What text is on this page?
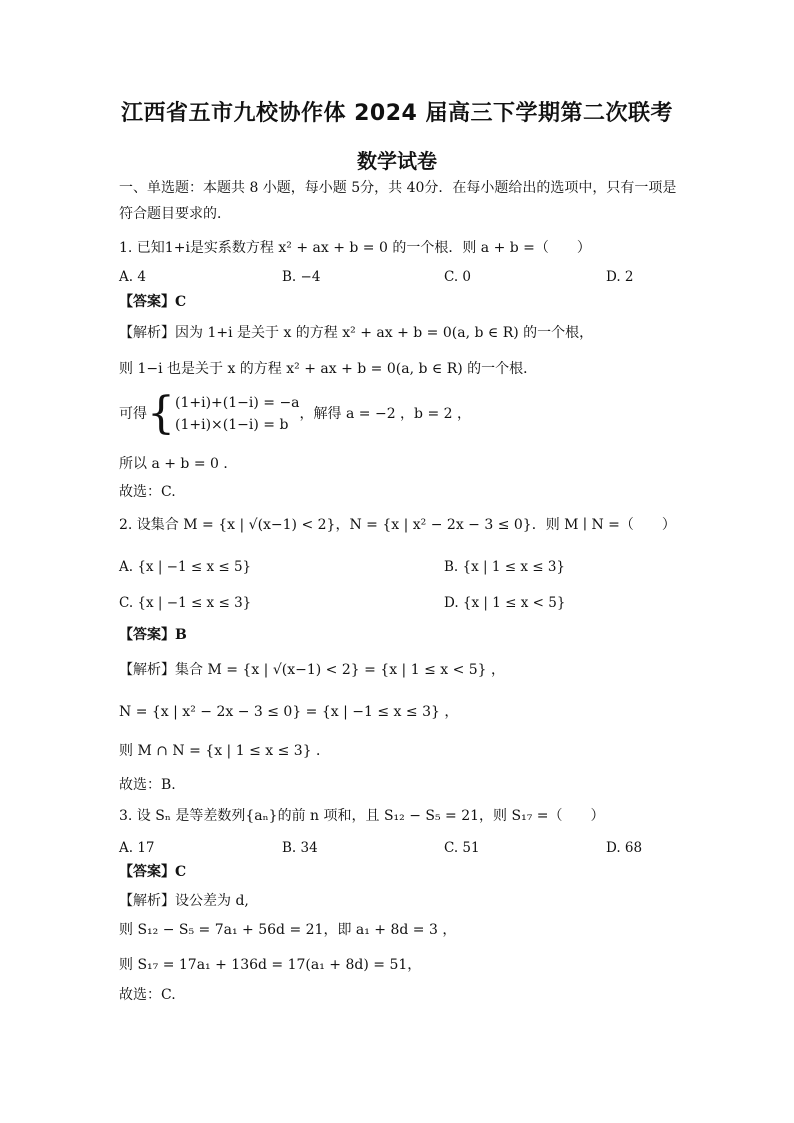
江西省五市九校协作体 2024 届高三下学期第二次联考
数学试卷
一、单选题：本题共 8 小题，每小题 5分，共 40分．在每小题给出的选项中，只有一项是
符合题目要求的．
1. 已知1+i是实系数方程 x² + ax + b = 0 的一个根．则 a + b =（　　）
A. 4	B. −4	C. 0	D. 2
【答案】C
【解析】因为 1+i 是关于 x 的方程 x² + ax + b = 0(a, b ∈ R) 的一个根，
则 1−i 也是关于 x 的方程 x² + ax + b = 0(a, b ∈ R) 的一个根．
可得{ (1+i)+(1−i) = −a
(1+i)×(1−i) = b
，解得 a = −2 ，b = 2 ，
所以 a + b = 0 ．
故选：C.
2. 设集合 M = {x | √(x−1) < 2}，N = {x | x² − 2x − 3 ≤ 0}．则 M ∣ N =（　　）
A. {x | −1 ≤ x ≤ 5}	B. {x | 1 ≤ x ≤ 3}
C. {x | −1 ≤ x ≤ 3}	D. {x | 1 ≤ x < 5}
【答案】B
【解析】集合 M = {x | √(x−1) < 2} = {x | 1 ≤ x < 5} ，
N = {x | x² − 2x − 3 ≤ 0} = {x | −1 ≤ x ≤ 3} ，
则 M ∩ N = {x | 1 ≤ x ≤ 3} ．
故选：B.
3. 设 Sₙ 是等差数列{aₙ}的前 n 项和，且 S₁₂ − S₅ = 21，则 S₁₇ =（　　）
A. 17	B. 34	C. 51	D. 68
【答案】C
【解析】设公差为 d,
则 S₁₂ − S₅ = 7a₁ + 56d = 21，即 a₁ + 8d = 3 ，
则 S₁₇ = 17a₁ + 136d = 17(a₁ + 8d) = 51，
故选：C.
